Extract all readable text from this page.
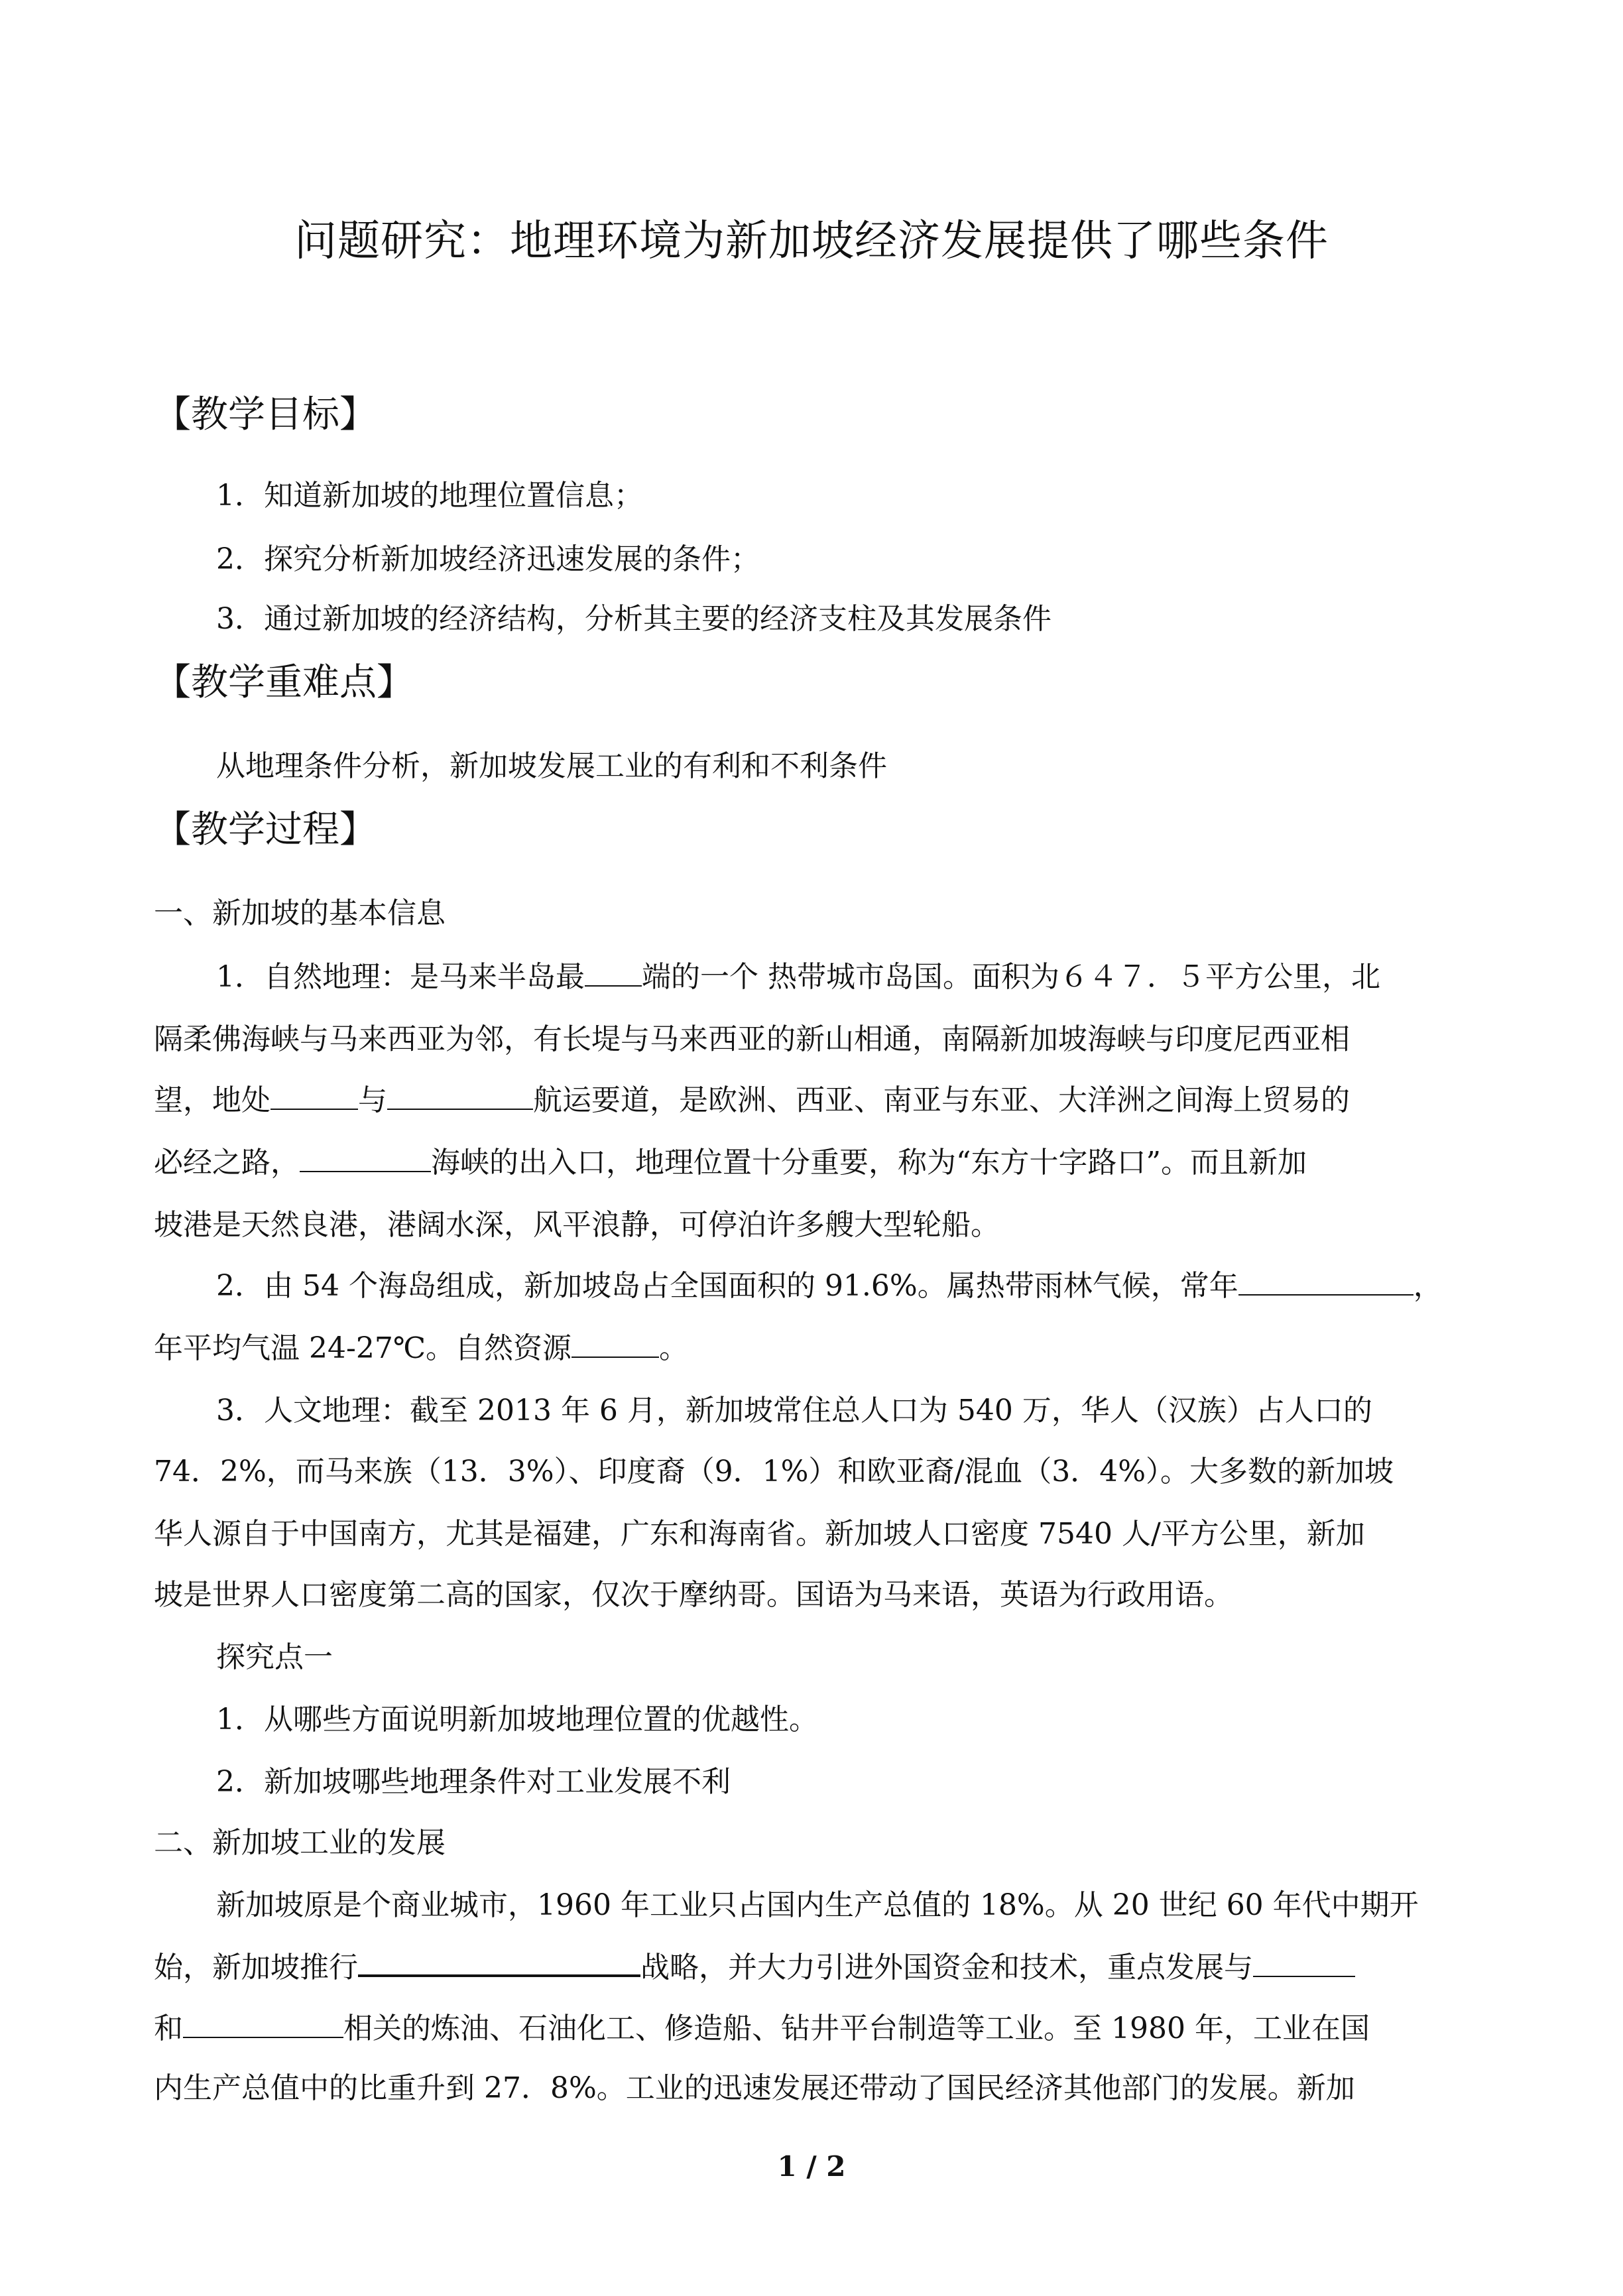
问题研究：地理环境为新加坡经济发展提供了哪些条件
【教学目标】
1．知道新加坡的地理位置信息；
2．探究分析新加坡经济迅速发展的条件；
3．通过新加坡的经济结构，分析其主要的经济支柱及其发展条件
【教学重难点】
从地理条件分析，新加坡发展工业的有利和不利条件
【教学过程】
一、新加坡的基本信息
1．自然地理：是马来半岛最 端的一个 热带城市岛国。面积为６４７．５平方公里，北
隔柔佛海峡与马来西亚为邻，有长堤与马来西亚的新山相通，南隔新加坡海峡与印度尼西亚相
望，地处	与	航运要道，是欧洲、西亚、南亚与东亚、大洋洲之间海上贸易的
必经之路，	海峡的出入口，地理位置十分重要，称为“东方十字路口”。而且新加
坡港是天然良港，港阔水深，风平浪静，可停泊许多艘大型轮船。
2．由 54 个海岛组成，新加坡岛占全国面积的 91.6%。属热带雨林气候，常年	，
年平均气温 24-27℃。自然资源	。
3．人文地理：截至 2013 年 6 月，新加坡常住总人口为 540 万，华人（汉族）占人口的
74．2%，而马来族（13．3%）、印度裔（9．1%）和欧亚裔/混血（3．4%）。大多数的新加坡
华人源自于中国南方，尤其是福建，广东和海南省。新加坡人口密度 7540 人/平方公里，新加
坡是世界人口密度第二高的国家，仅次于摩纳哥。国语为马来语，英语为行政用语。
探究点一
1．从哪些方面说明新加坡地理位置的优越性。
2．新加坡哪些地理条件对工业发展不利
二、新加坡工业的发展
新加坡原是个商业城市，1960 年工业只占国内生产总值的 18%。从 20 世纪 60 年代中期开
始，新加坡推行	战略，并大力引进外国资金和技术，重点发展与
和	相关的炼油、石油化工、修造船、钻井平台制造等工业。至 1980 年，工业在国
内生产总值中的比重升到 27．8%。工业的迅速发展还带动了国民经济其他部门的发展。新加
1 / 2
